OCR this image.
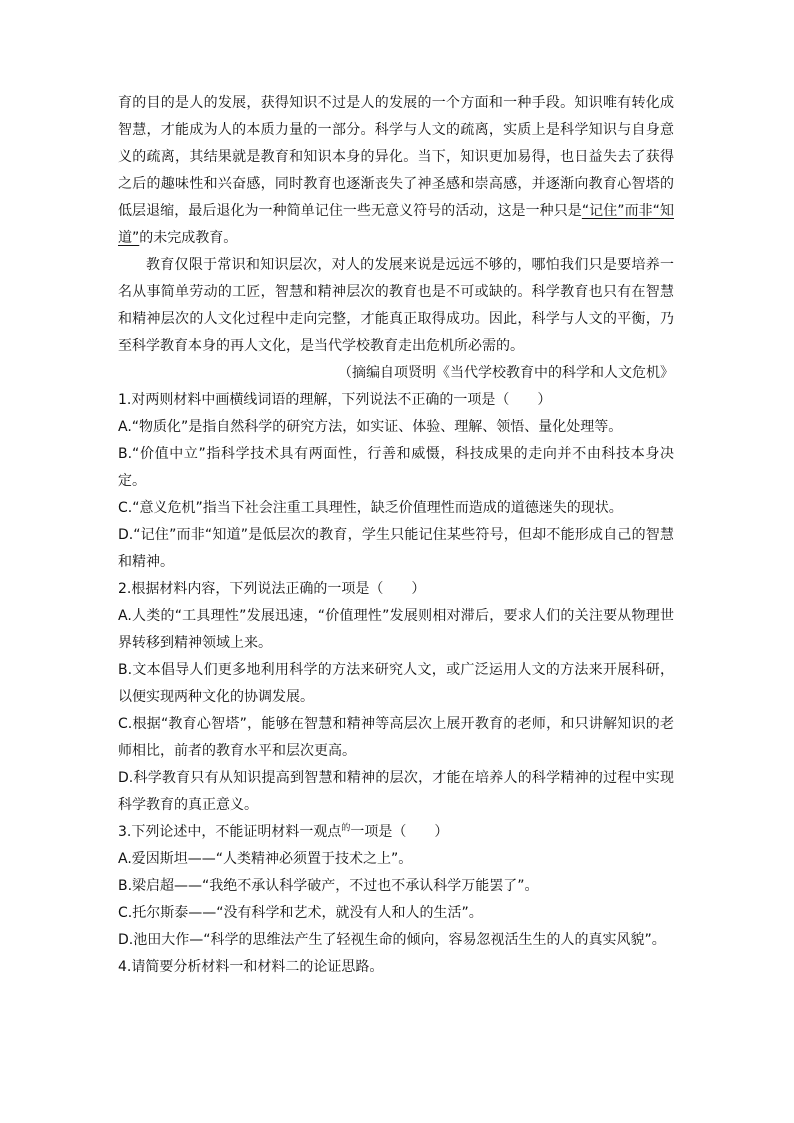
育的目的是人的发展，获得知识不过是人的发展的一个方面和一种手段。知识唯有转化成智慧，才能成为人的本质力量的一部分。科学与人文的疏离，实质上是科学知识与自身意义的疏离，其结果就是教育和知识本身的异化。当下，知识更加易得，也日益失去了获得之后的趣味性和兴奋感，同时教育也逐渐丧失了神圣感和崇高感，并逐渐向教育心智塔的低层退缩，最后退化为一种简单记住一些无意义符号的活动，这是一种只是“记住”而非“知道”的未完成教育。

教育仅限于常识和知识层次，对人的发展来说是远远不够的，哪怕我们只是要培养一名从事简单劳动的工匠，智慧和精神层次的教育也是不可或缺的。科学教育也只有在智慧和精神层次的人文化过程中走向完整，才能真正取得成功。因此，科学与人文的平衡，乃至科学教育本身的再人文化，是当代学校教育走出危机所必需的。

（摘编自项贤明《当代学校教育中的科学和人文危机》

1.对两则材料中画横线词语的理解，下列说法不正确的一项是（　　）

A.“物质化”是指自然科学的研究方法，如实证、体验、理解、领悟、量化处理等。

B.“价值中立”指科学技术具有两面性，行善和威慑，科技成果的走向并不由科技本身决定。

C.“意义危机”指当下社会注重工具理性，缺乏价值理性而造成的道德迷失的现状。

D.“记住”而非“知道”是低层次的教育，学生只能记住某些符号，但却不能形成自己的智慧和精神。

2.根据材料内容，下列说法正确的一项是（　　）

A.人类的“工具理性”发展迅速，“价值理性”发展则相对滞后，要求人们的关注要从物理世界转移到精神领域上来。

B.文本倡导人们更多地利用科学的方法来研究人文，或广泛运用人文的方法来开展科研，以便实现两种文化的协调发展。

C.根据“教育心智塔”，能够在智慧和精神等高层次上展开教育的老师，和只讲解知识的老师相比，前者的教育水平和层次更高。

D.科学教育只有从知识提高到智慧和精神的层次，才能在培养人的科学精神的过程中实现科学教育的真正意义。

3.下列论述中，不能证明材料一观点$^的$一项是（　　）

A.爱因斯坦——“人类精神必须置于技术之上”。

B.梁启超——“我绝不承认科学破产，不过也不承认科学万能罢了”。

C.托尔斯泰——“没有科学和艺术，就没有人和人的生活”。

D.池田大作—“科学的思维法产生了轻视生命的倾向，容易忽视活生生的人的真实风貌”。

4.请简要分析材料一和材料二的论证思路。
